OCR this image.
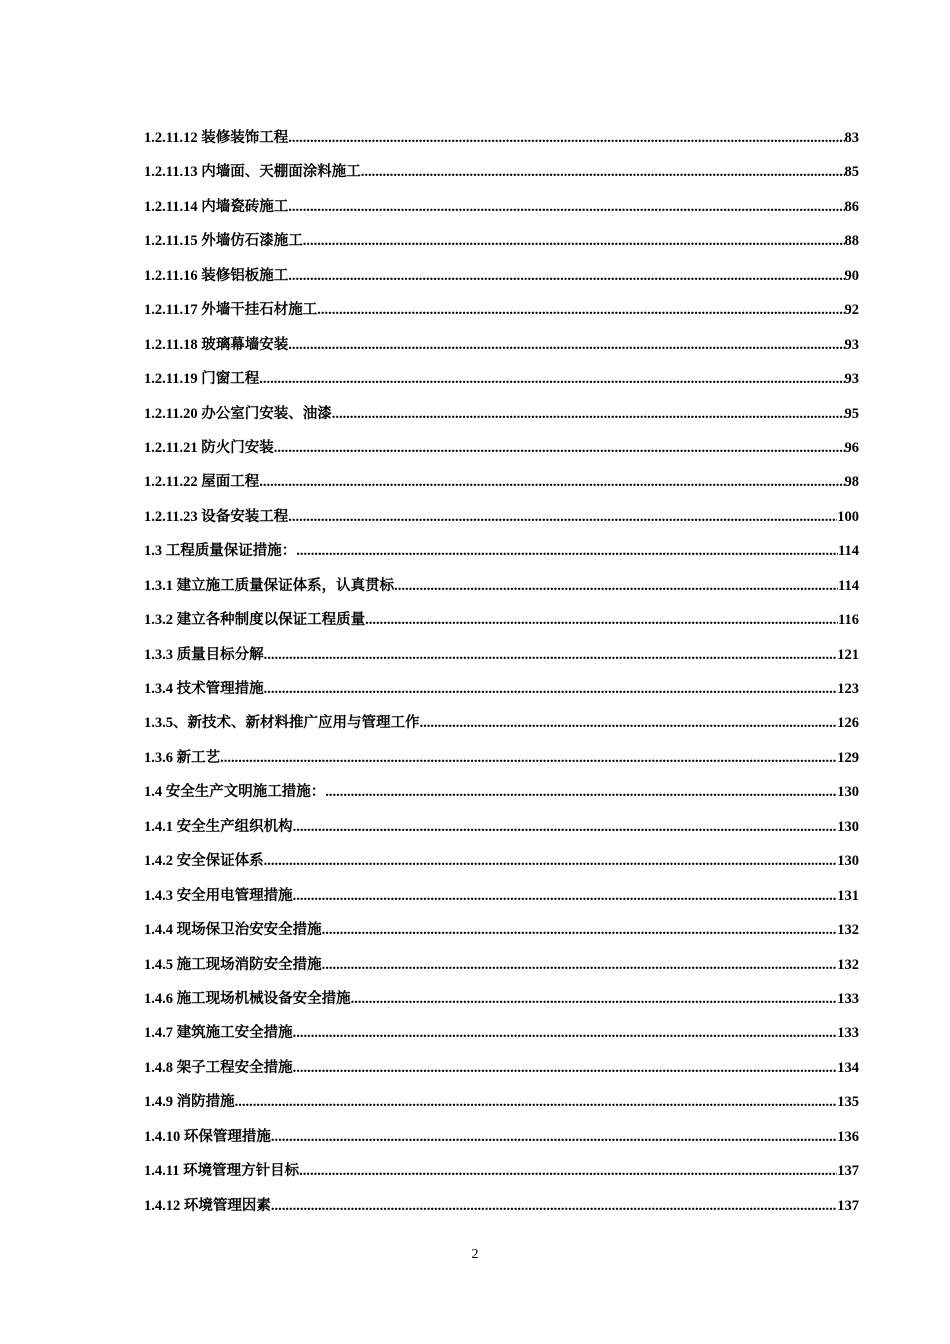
1.2.11.12 装修装饰工程 .....	83
1.2.11.13 内墙面、天棚面涂料施工 .....	85
1.2.11.14 内墙瓷砖施工 .....	86
1.2.11.15 外墙仿石漆施工 .....	88
1.2.11.16 装修铝板施工 .....	90
1.2.11.17 外墙干挂石材施工 .....	92
1.2.11.18 玻璃幕墙安装 .....	93
1.2.11.19 门窗工程 .....	93
1.2.11.20 办公室门安装、油漆 .....	95
1.2.11.21 防火门安装 .....	96
1.2.11.22 屋面工程 .....	98
1.2.11.23 设备安装工程 .....	100
1.3 工程质量保证措施： .....	114
1.3.1 建立施工质量保证体系，认真贯标 .....	114
1.3.2 建立各种制度以保证工程质量 .....	116
1.3.3 质量目标分解 .....	121
1.3.4 技术管理措施 .....	123
1.3.5、新技术、新材料推广应用与管理工作 .....	126
1.3.6 新工艺 .....	129
1.4 安全生产文明施工措施： .....	130
1.4.1 安全生产组织机构 .....	130
1.4.2 安全保证体系 .....	130
1.4.3 安全用电管理措施 .....	131
1.4.4 现场保卫治安安全措施 .....	132
1.4.5 施工现场消防安全措施 .....	132
1.4.6 施工现场机械设备安全措施 .....	133
1.4.7 建筑施工安全措施 .....	133
1.4.8 架子工程安全措施 .....	134
1.4.9 消防措施 .....	135
1.4.10 环保管理措施 .....	136
1.4.11 环境管理方针目标 .....	137
1.4.12 环境管理因素 .....	137
2
